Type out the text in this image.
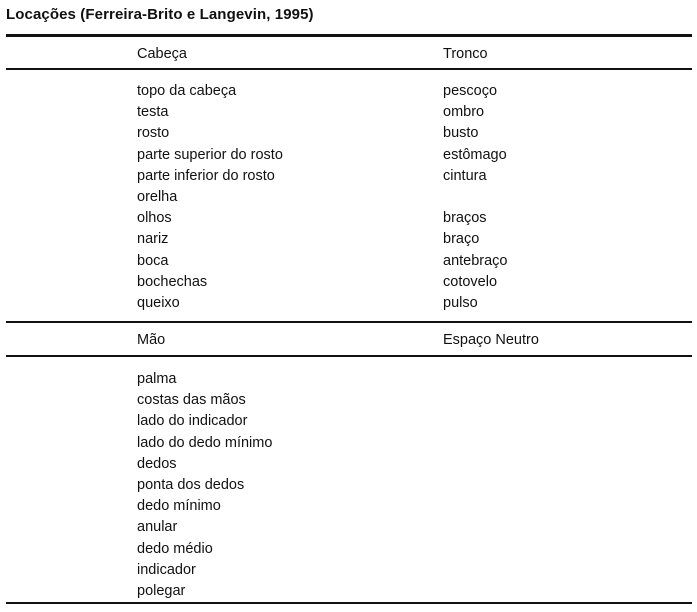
Locações (Ferreira-Brito e Langevin, 1995)
Cabeça	Tronco
topo da cabeça
testa
rosto
parte superior do rosto
parte inferior do rosto
orelha
olhos
nariz
boca
bochechas
queixo
pescoço
ombro
busto
estômago
cintura
braços
braço
antebraço
cotovelo
pulso
Mão	Espaço Neutro
palma
costas das mãos
lado do indicador
lado do dedo mínimo
dedos
ponta dos dedos
dedo mínimo
anular
dedo médio
indicador
polegar
